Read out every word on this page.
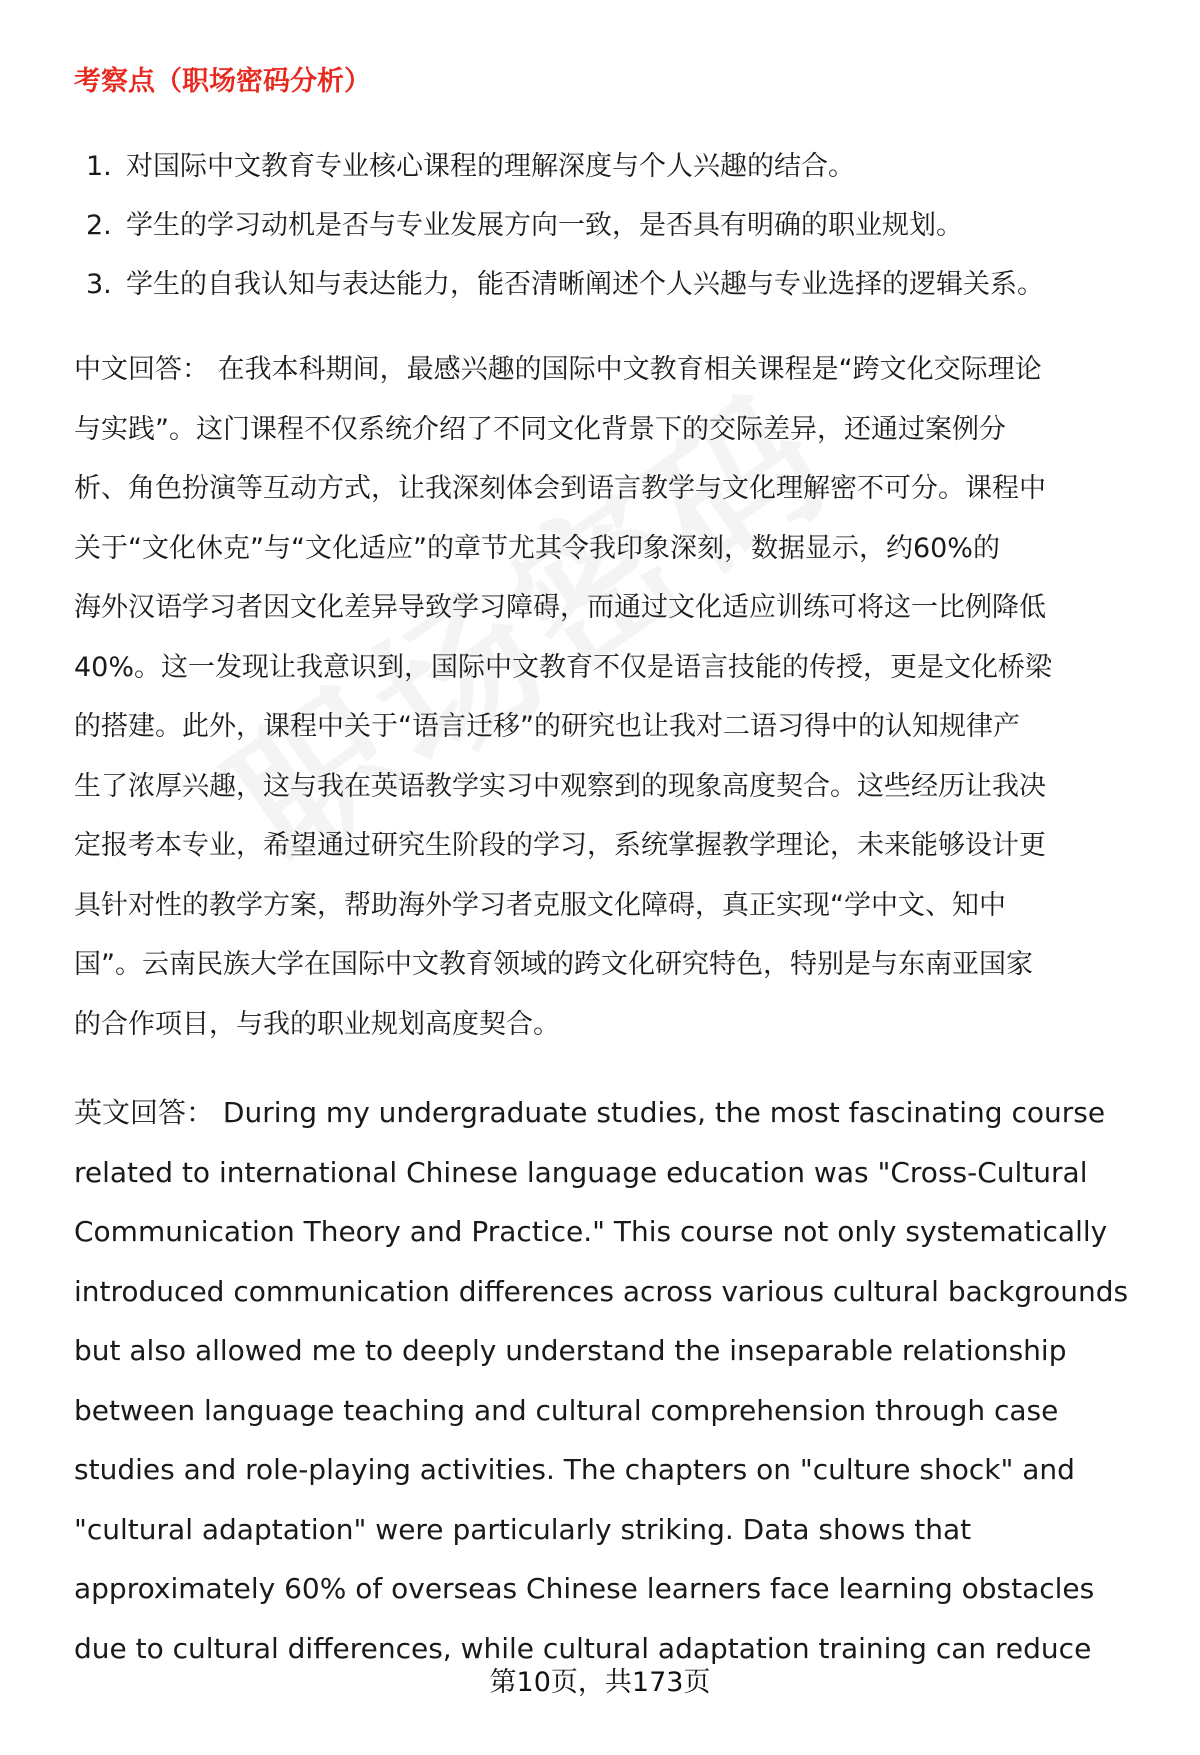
考察点（职场密码分析）
1. 对国际中文教育专业核心课程的理解深度与个人兴趣的结合。
2. 学生的学习动机是否与专业发展方向一致，是否具有明确的职业规划。
3. 学生的自我认知与表达能力，能否清晰阐述个人兴趣与专业选择的逻辑关系。
中文回答： 在我本科期间，最感兴趣的国际中文教育相关课程是“跨文化交际理论
与实践”。这门课程不仅系统介绍了不同文化背景下的交际差异，还通过案例分
析、角色扮演等互动方式，让我深刻体会到语言教学与文化理解密不可分。课程中
关于“文化休克”与“文化适应”的章节尤其令我印象深刻，数据显示，约60%的
海外汉语学习者因文化差异导致学习障碍，而通过文化适应训练可将这一比例降低
40%。这一发现让我意识到，国际中文教育不仅是语言技能的传授，更是文化桥梁
的搭建。此外，课程中关于“语言迁移”的研究也让我对二语习得中的认知规律产
生了浓厚兴趣，这与我在英语教学实习中观察到的现象高度契合。这些经历让我决
定报考本专业，希望通过研究生阶段的学习，系统掌握教学理论，未来能够设计更
具针对性的教学方案，帮助海外学习者克服文化障碍，真正实现“学中文、知中
国”。云南民族大学在国际中文教育领域的跨文化研究特色，特别是与东南亚国家
的合作项目，与我的职业规划高度契合。
英文回答： During my undergraduate studies, the most fascinating course
related to international Chinese language education was "Cross-Cultural
Communication Theory and Practice." This course not only systematically
introduced communication differences across various cultural backgrounds
but also allowed me to deeply understand the inseparable relationship
between language teaching and cultural comprehension through case
studies and role-playing activities. The chapters on "culture shock" and
"cultural adaptation" were particularly striking. Data shows that
approximately 60% of overseas Chinese learners face learning obstacles
due to cultural differences, while cultural adaptation training can reduce
第10页，共173页
